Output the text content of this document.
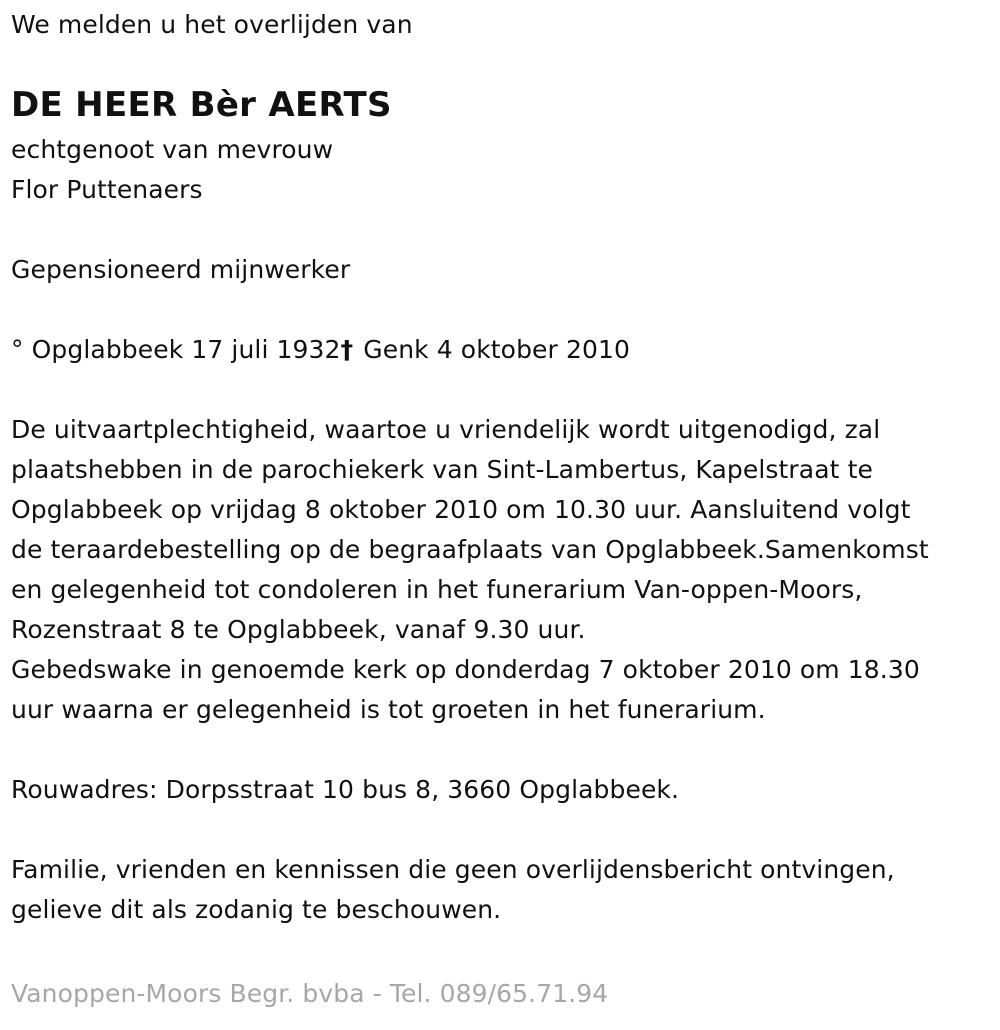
We melden u het overlijden van
DE HEER Bèr AERTS
echtgenoot van mevrouw
Flor Puttenaers
Gepensioneerd mijnwerker
° Opglabbeek 17 juli 1932† Genk 4 oktober 2010
De uitvaartplechtigheid, waartoe u vriendelijk wordt uitgenodigd, zal
plaatshebben in de parochiekerk van Sint-Lambertus, Kapelstraat te
Opglabbeek op vrijdag 8 oktober 2010 om 10.30 uur. Aansluitend volgt
de teraardebestelling op de begraafplaats van Opglabbeek.Samenkomst
en gelegenheid tot condoleren in het funerarium Van-oppen-Moors,
Rozenstraat 8 te Opglabbeek, vanaf 9.30 uur.
Gebedswake in genoemde kerk op donderdag 7 oktober 2010 om 18.30
uur waarna er gelegenheid is tot groeten in het funerarium.
Rouwadres: Dorpsstraat 10 bus 8, 3660 Opglabbeek.
Familie, vrienden en kennissen die geen overlijdensbericht ontvingen,
gelieve dit als zodanig te beschouwen.
Vanoppen-Moors Begr. bvba - Tel. 089/65.71.94
